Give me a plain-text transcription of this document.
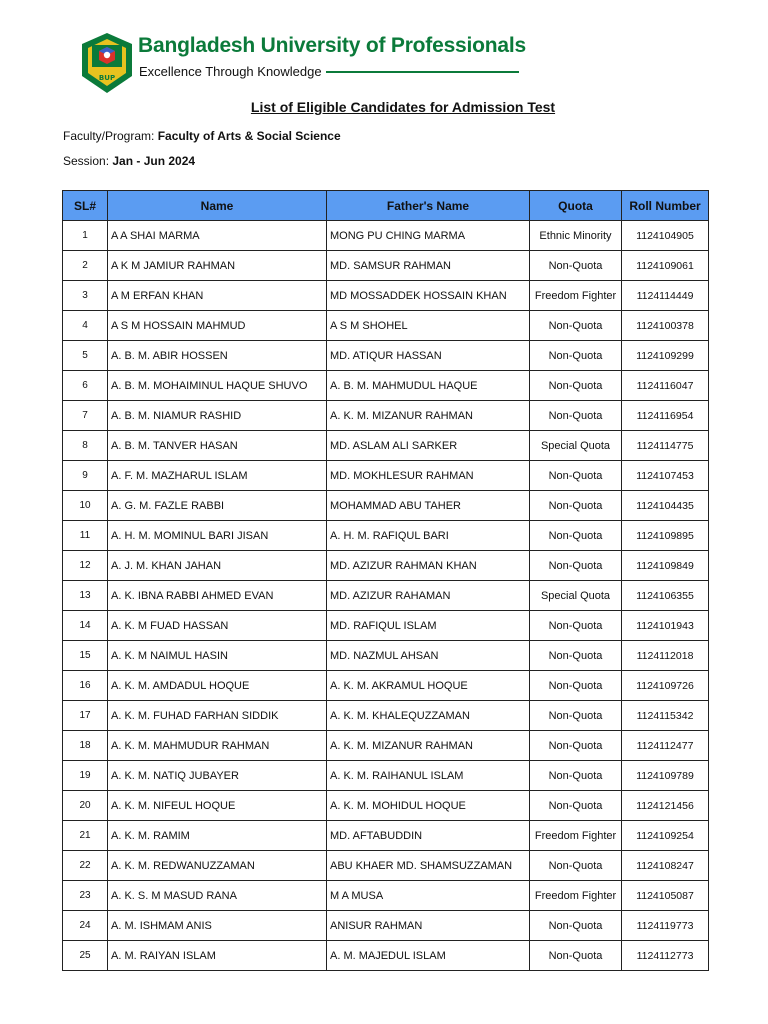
BUP
Bangladesh University of Professionals
Excellence Through Knowledge
List of Eligible Candidates for Admission Test
Faculty/Program: Faculty of Arts & Social Science
Session: Jan - Jun 2024
SL#	Name	Father's Name	Quota	Roll Number
1	A A SHAI MARMA	MONG PU CHING MARMA	Ethnic Minority	1124104905
2	A K M JAMIUR RAHMAN	MD. SAMSUR RAHMAN	Non-Quota	1124109061
3	A M ERFAN KHAN	MD MOSSADDEK HOSSAIN KHAN	Freedom Fighter	1124114449
4	A S M HOSSAIN MAHMUD	A S M SHOHEL	Non-Quota	1124100378
5	A. B. M. ABIR HOSSEN	MD. ATIQUR HASSAN	Non-Quota	1124109299
6	A. B. M. MOHAIMINUL HAQUE SHUVO	A. B. M. MAHMUDUL HAQUE	Non-Quota	1124116047
7	A. B. M. NIAMUR RASHID	A. K. M. MIZANUR RAHMAN	Non-Quota	1124116954
8	A. B. M. TANVER HASAN	MD. ASLAM ALI SARKER	Special Quota	1124114775
9	A. F. M. MAZHARUL ISLAM	MD. MOKHLESUR RAHMAN	Non-Quota	1124107453
10	A. G. M. FAZLE RABBI	MOHAMMAD ABU TAHER	Non-Quota	1124104435
11	A. H. M. MOMINUL BARI JISAN	A. H. M. RAFIQUL BARI	Non-Quota	1124109895
12	A. J. M. KHAN JAHAN	MD. AZIZUR RAHMAN KHAN	Non-Quota	1124109849
13	A. K. IBNA RABBI AHMED EVAN	MD. AZIZUR RAHAMAN	Special Quota	1124106355
14	A. K. M FUAD HASSAN	MD. RAFIQUL ISLAM	Non-Quota	1124101943
15	A. K. M NAIMUL HASIN	MD. NAZMUL AHSAN	Non-Quota	1124112018
16	A. K. M. AMDADUL HOQUE	A. K. M. AKRAMUL HOQUE	Non-Quota	1124109726
17	A. K. M. FUHAD FARHAN SIDDIK	A. K. M. KHALEQUZZAMAN	Non-Quota	1124115342
18	A. K. M. MAHMUDUR RAHMAN	A. K. M. MIZANUR RAHMAN	Non-Quota	1124112477
19	A. K. M. NATIQ JUBAYER	A. K. M. RAIHANUL ISLAM	Non-Quota	1124109789
20	A. K. M. NIFEUL HOQUE	A. K. M. MOHIDUL HOQUE	Non-Quota	1124121456
21	A. K. M. RAMIM	MD. AFTABUDDIN	Freedom Fighter	1124109254
22	A. K. M. REDWANUZZAMAN	ABU KHAER MD. SHAMSUZZAMAN	Non-Quota	1124108247
23	A. K. S. M MASUD RANA	M A MUSA	Freedom Fighter	1124105087
24	A. M. ISHMAM ANIS	ANISUR RAHMAN	Non-Quota	1124119773
25	A. M. RAIYAN ISLAM	A. M. MAJEDUL ISLAM	Non-Quota	1124112773
